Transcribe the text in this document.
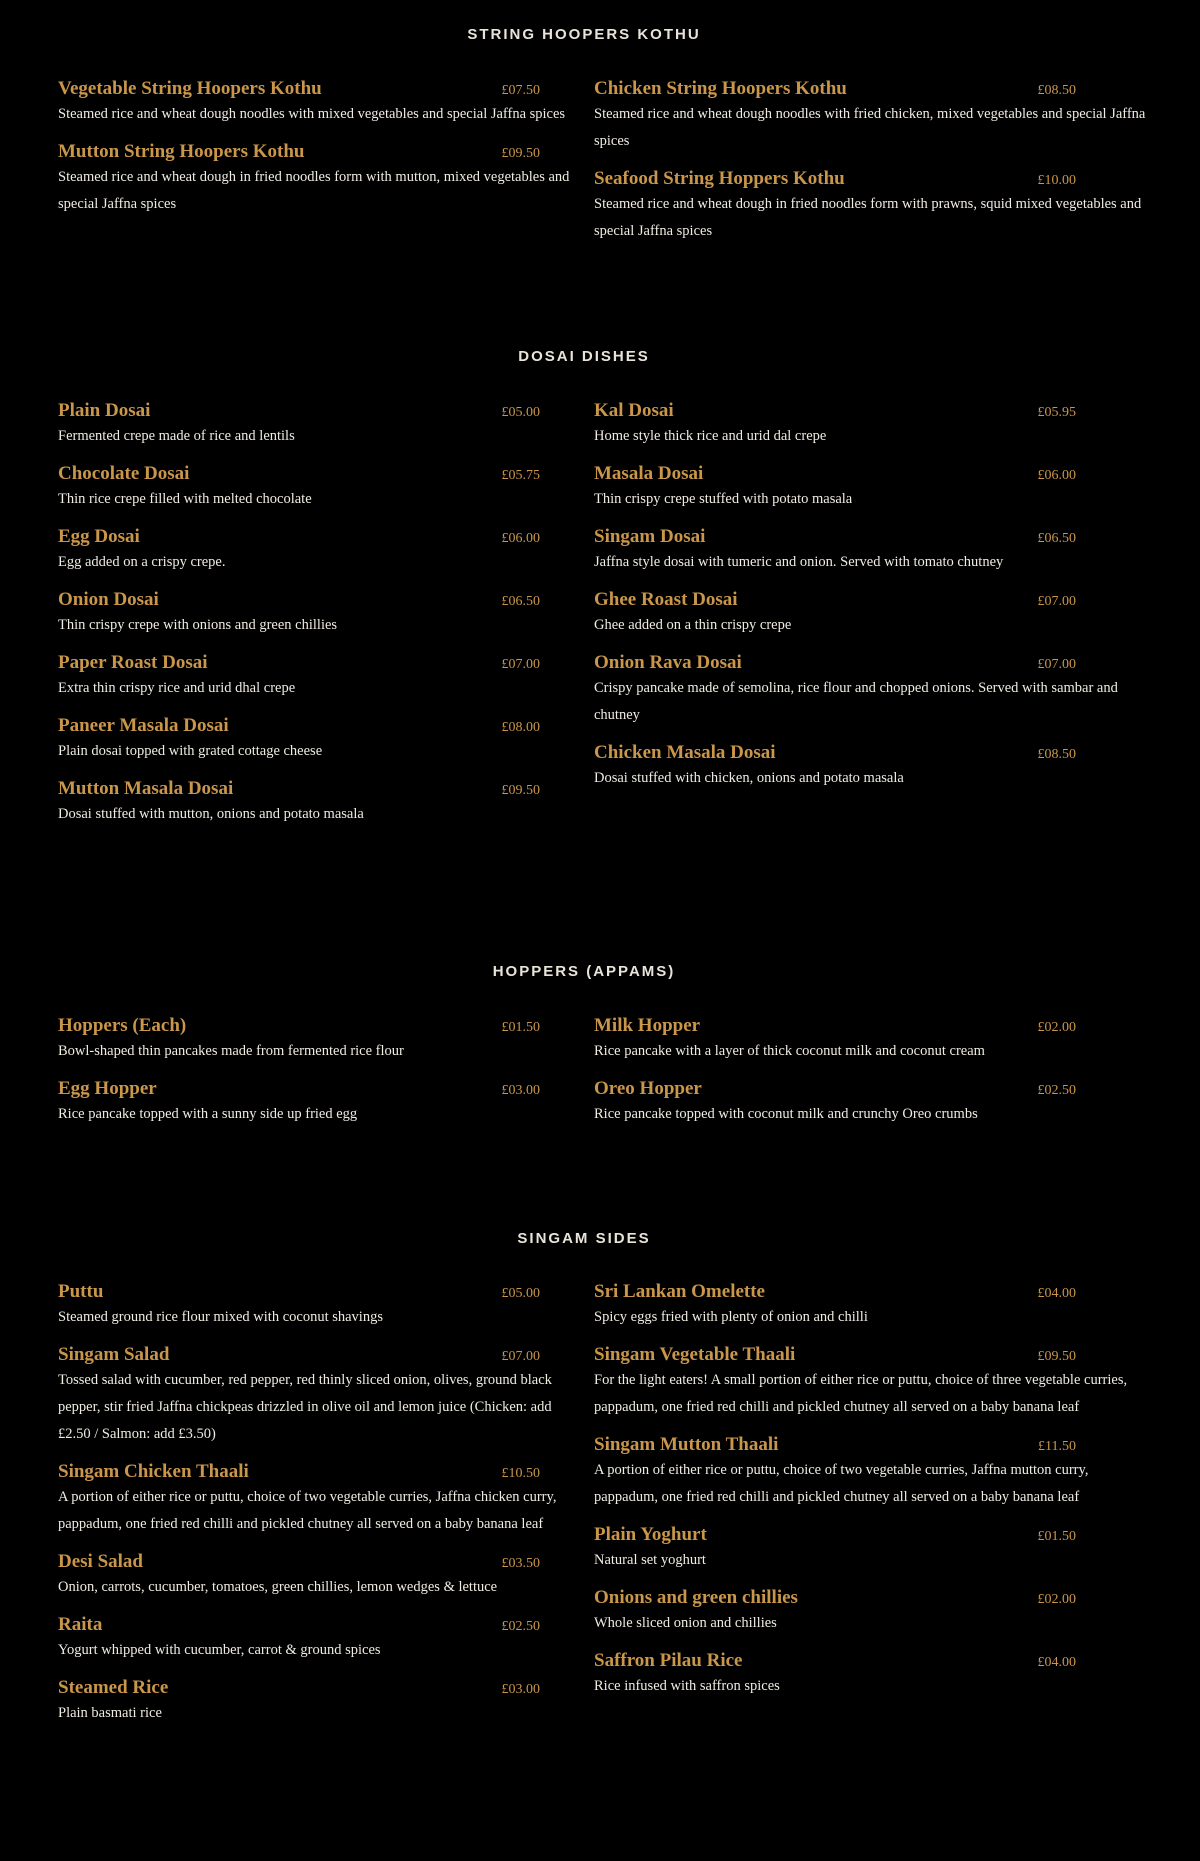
STRING HOOPERS KOTHU
Vegetable String Hoopers Kothu	£07.50
Steamed rice and wheat dough noodles with mixed vegetables and special Jaffna spices
Mutton String Hoopers Kothu	£09.50
Steamed rice and wheat dough in fried noodles form with mutton, mixed vegetables and special Jaffna spices
Chicken String Hoopers Kothu	£08.50
Steamed rice and wheat dough noodles with fried chicken, mixed vegetables and special Jaffna spices
Seafood String Hoppers Kothu	£10.00
Steamed rice and wheat dough in fried noodles form with prawns, squid mixed vegetables and special Jaffna spices
DOSAI DISHES
Plain Dosai	£05.00
Fermented crepe made of rice and lentils
Chocolate Dosai	£05.75
Thin rice crepe filled with melted chocolate
Egg Dosai	£06.00
Egg added on a crispy crepe.
Onion Dosai	£06.50
Thin crispy crepe with onions and green chillies
Paper Roast Dosai	£07.00
Extra thin crispy rice and urid dhal crepe
Paneer Masala Dosai	£08.00
Plain dosai topped with grated cottage cheese
Mutton Masala Dosai	£09.50
Dosai stuffed with mutton, onions and potato masala
Kal Dosai	£05.95
Home style thick rice and urid dal crepe
Masala Dosai	£06.00
Thin crispy crepe stuffed with potato masala
Singam Dosai	£06.50
Jaffna style dosai with tumeric and onion. Served with tomato chutney
Ghee Roast Dosai	£07.00
Ghee added on a thin crispy crepe
Onion Rava Dosai	£07.00
Crispy pancake made of semolina, rice flour and chopped onions. Served with sambar and chutney
Chicken Masala Dosai	£08.50
Dosai stuffed with chicken, onions and potato masala
HOPPERS (APPAMS)
Hoppers (Each)	£01.50
Bowl-shaped thin pancakes made from fermented rice flour
Egg Hopper	£03.00
Rice pancake topped with a sunny side up fried egg
Milk Hopper	£02.00
Rice pancake with a layer of thick coconut milk and coconut cream
Oreo Hopper	£02.50
Rice pancake topped with coconut milk and crunchy Oreo crumbs
SINGAM SIDES
Puttu	£05.00
Steamed ground rice flour mixed with coconut shavings
Singam Salad	£07.00
Tossed salad with cucumber, red pepper, red thinly sliced onion, olives, ground black pepper, stir fried Jaffna chickpeas drizzled in olive oil and lemon juice (Chicken: add £2.50 / Salmon: add £3.50)
Singam Chicken Thaali	£10.50
A portion of either rice or puttu, choice of two vegetable curries, Jaffna chicken curry, pappadum, one fried red chilli and pickled chutney all served on a baby banana leaf
Desi Salad	£03.50
Onion, carrots, cucumber, tomatoes, green chillies, lemon wedges & lettuce
Raita	£02.50
Yogurt whipped with cucumber, carrot & ground spices
Steamed Rice	£03.00
Plain basmati rice
Sri Lankan Omelette	£04.00
Spicy eggs fried with plenty of onion and chilli
Singam Vegetable Thaali	£09.50
For the light eaters! A small portion of either rice or puttu, choice of three vegetable curries, pappadum, one fried red chilli and pickled chutney all served on a baby banana leaf
Singam Mutton Thaali	£11.50
A portion of either rice or puttu, choice of two vegetable curries, Jaffna mutton curry, pappadum, one fried red chilli and pickled chutney all served on a baby banana leaf
Plain Yoghurt	£01.50
Natural set yoghurt
Onions and green chillies	£02.00
Whole sliced onion and chillies
Saffron Pilau Rice	£04.00
Rice infused with saffron spices
